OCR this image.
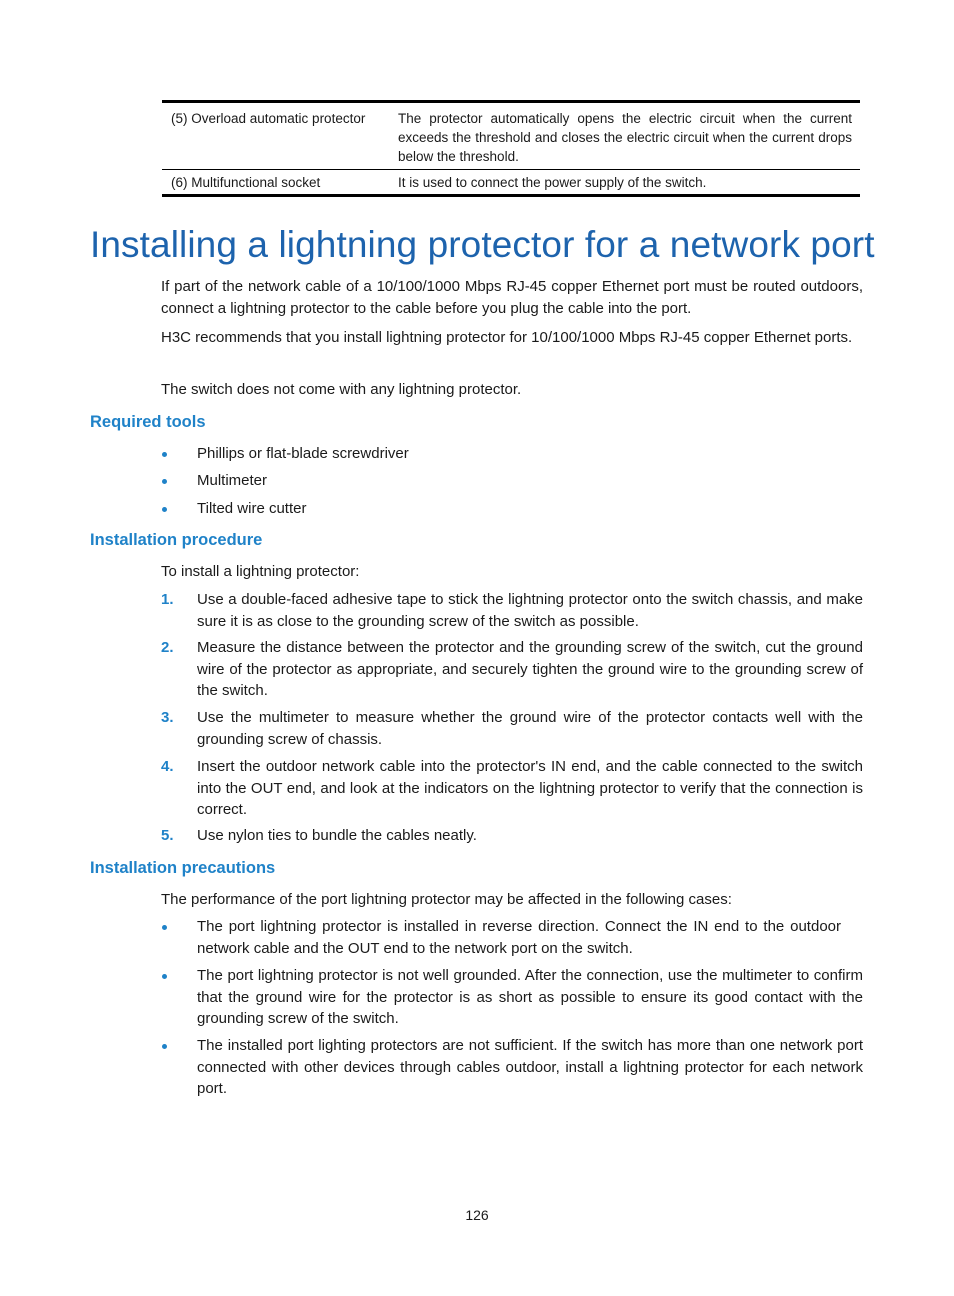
(5) Overload automatic protector	The protector automatically opens the electric circuit when the current exceeds the threshold and closes the electric circuit when the current drops below the threshold.
(6) Multifunctional socket	It is used to connect the power supply of the switch.
Installing a lightning protector for a network port

If part of the network cable of a 10/100/1000 Mbps RJ-45 copper Ethernet port must be routed outdoors, connect a lightning protector to the cable before you plug the cable into the port.

H3C recommends that you install lightning protector for 10/100/1000 Mbps RJ-45 copper Ethernet ports.

The switch does not come with any lightning protector.

Required tools
Phillips or flat-blade screwdriver
Multimeter
Tilted wire cutter
Installation procedure

To install a lightning protector:

1.	Use a double-faced adhesive tape to stick the lightning protector onto the switch chassis, and make sure it is as close to the grounding screw of the switch as possible.
2.	Measure the distance between the protector and the grounding screw of the switch, cut the ground wire of the protector as appropriate, and securely tighten the ground wire to the grounding screw of the switch.
3.	Use the multimeter to measure whether the ground wire of the protector contacts well with the grounding screw of chassis.
4.	Insert the outdoor network cable into the protector's IN end, and the cable connected to the switch into the OUT end, and look at the indicators on the lightning protector to verify that the connection is correct.
5.	Use nylon ties to bundle the cables neatly.
Installation precautions

The performance of the port lightning protector may be affected in the following cases:

The port lightning protector is installed in reverse direction. Connect the IN end to the outdoor network cable and the OUT end to the network port on the switch.
The port lightning protector is not well grounded. After the connection, use the multimeter to confirm that the ground wire for the protector is as short as possible to ensure its good contact with the grounding screw of the switch.
The installed port lighting protectors are not sufficient. If the switch has more than one network port connected with other devices through cables outdoor, install a lightning protector for each network port.
126
